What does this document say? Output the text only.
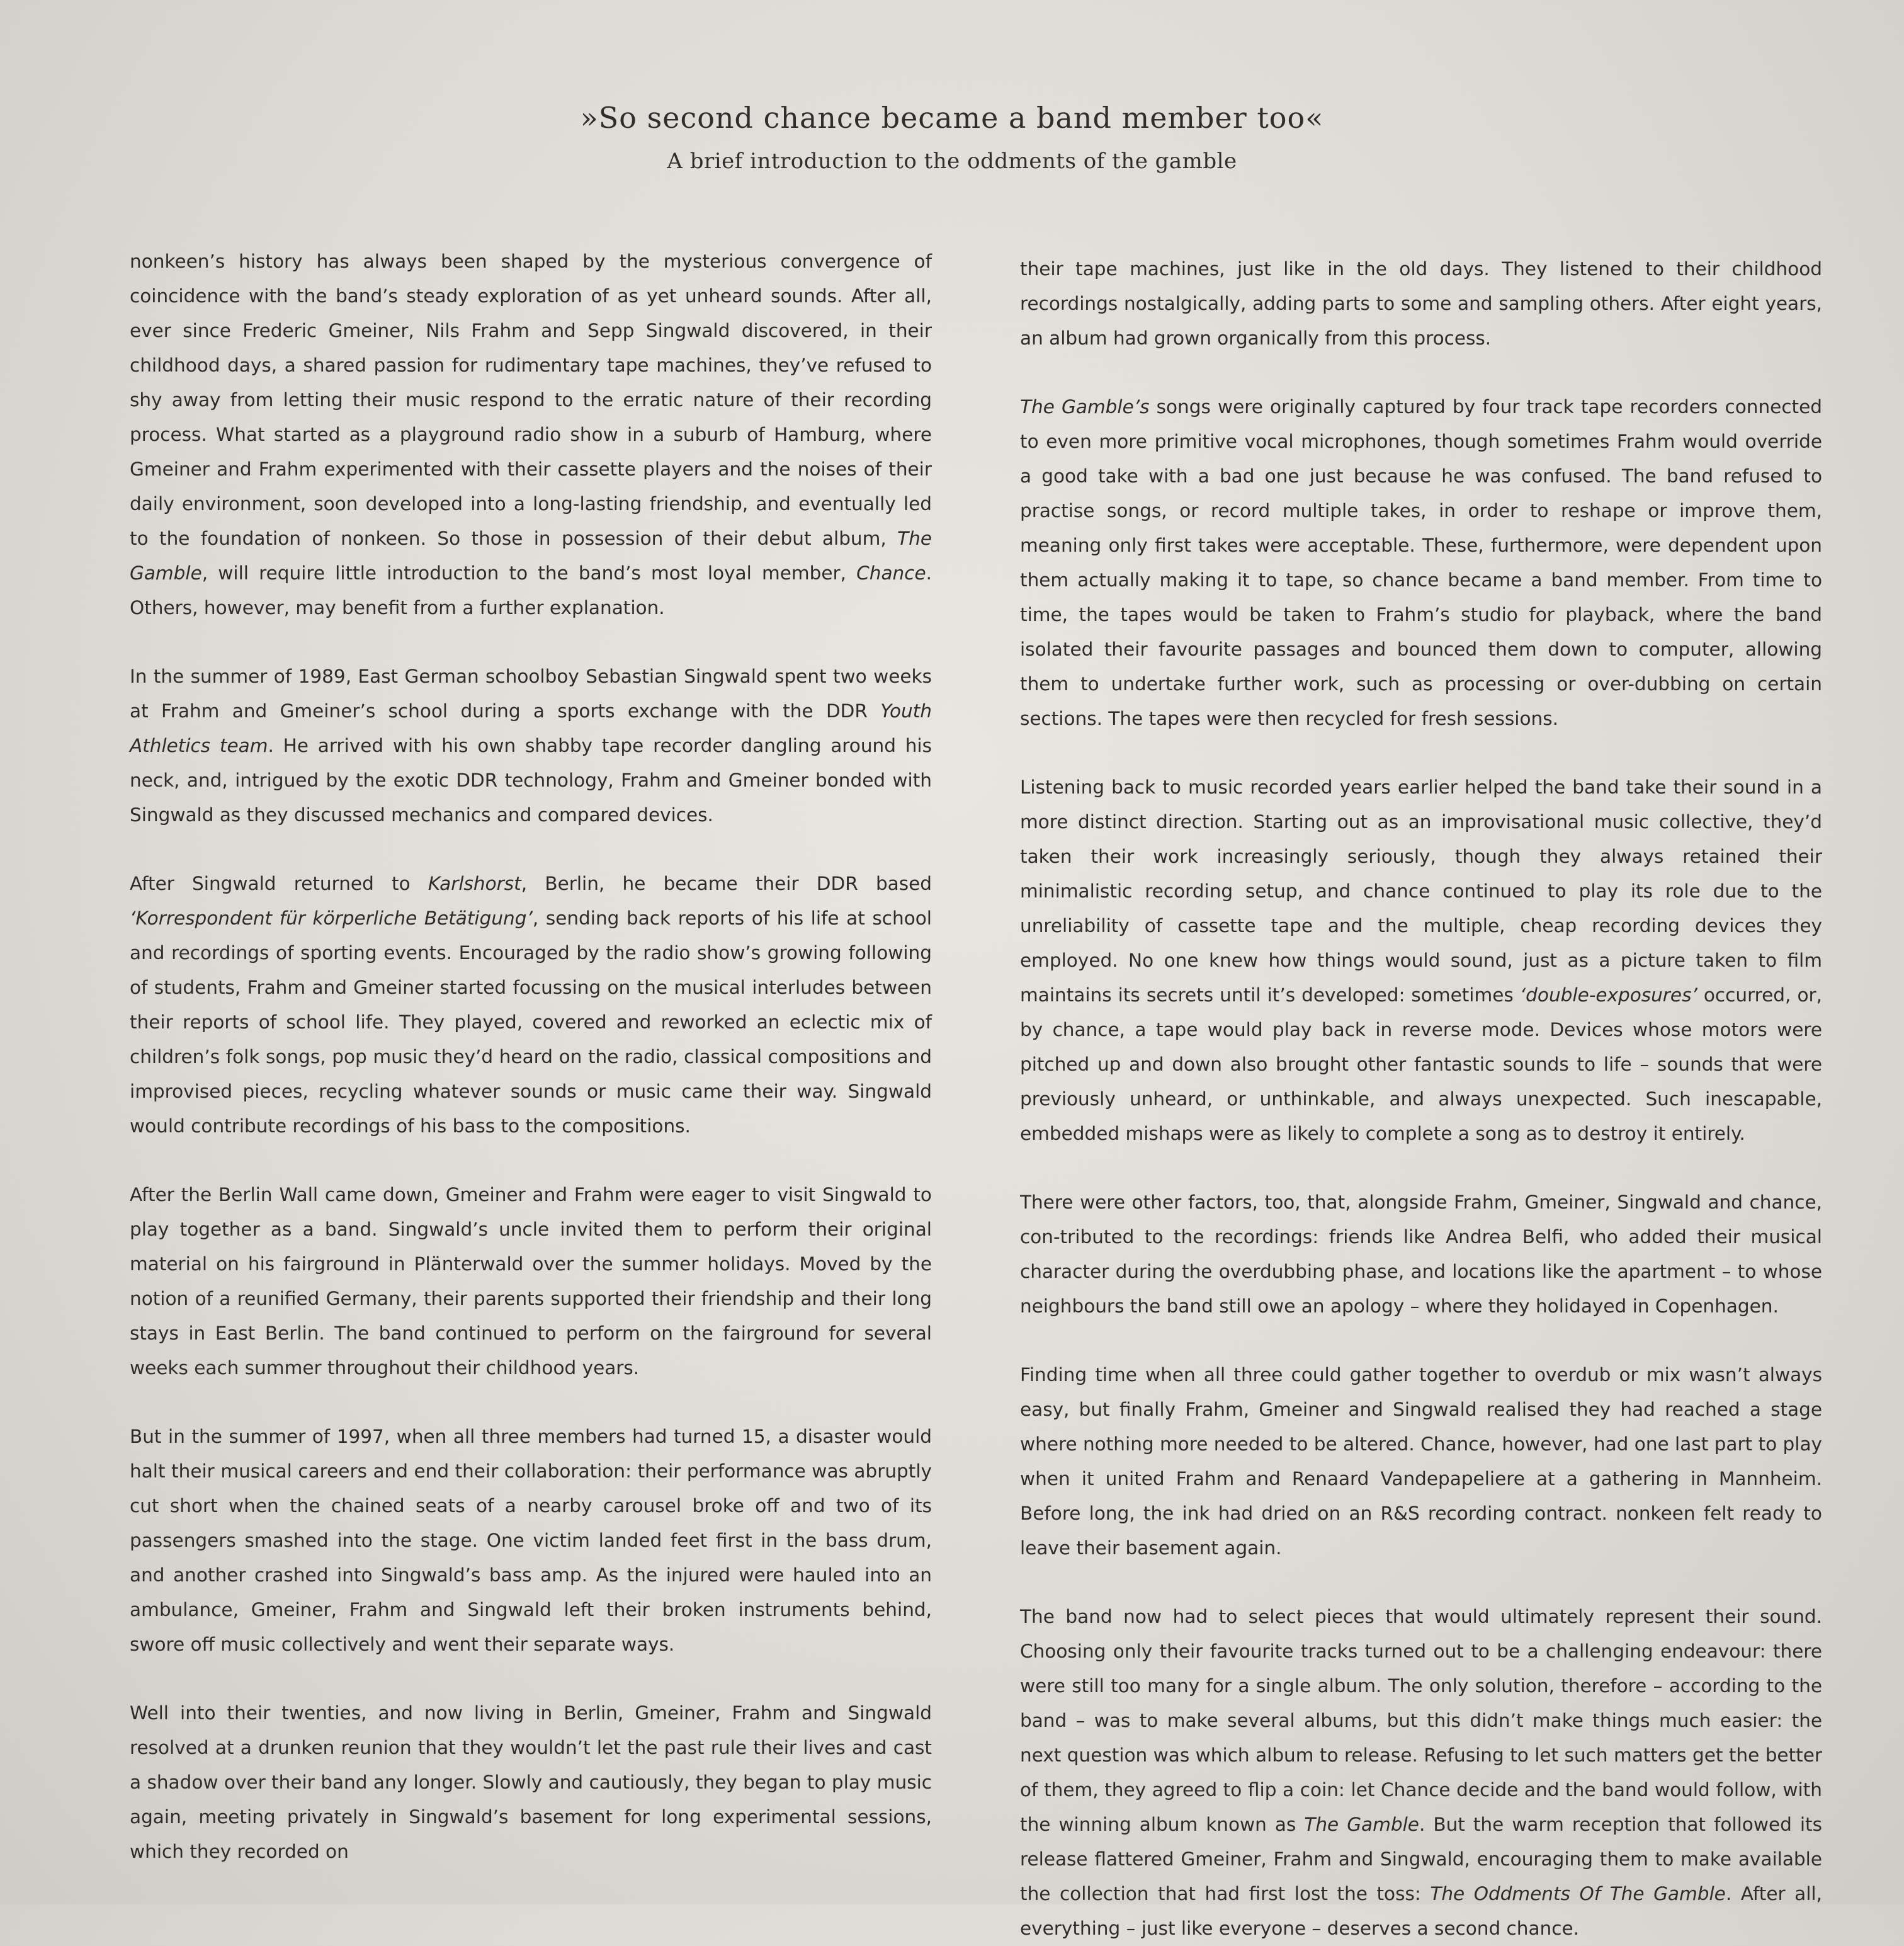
»So second chance became a band member too«
A brief introduction to the oddments of the gamble

nonkeen’s history has always been shaped by the mysterious convergence of coincidence with the band’s steady exploration of as yet unheard sounds. After all, ever since Frederic Gmeiner, Nils Frahm and Sepp Singwald discovered, in their childhood days, a shared passion for rudimentary tape machines, they’ve refused to shy away from letting their music respond to the erratic nature of their recording process. What started as a playground radio show in a suburb of Hamburg, where Gmeiner and Frahm experimented with their cassette players and the noises of their daily environment, soon developed into a long-lasting friendship, and eventually led to the foundation of nonkeen. So those in possession of their debut album, The Gamble, will require little introduction to the band’s most loyal member, Chance. Others, however, may benefit from a further explanation.

In the summer of 1989, East German schoolboy Sebastian Singwald spent two weeks at Frahm and Gmeiner’s school during a sports exchange with the DDR Youth Athletics team. He arrived with his own shabby tape recorder dangling around his neck, and, intrigued by the exotic DDR technology, Frahm and Gmeiner bonded with Singwald as they discussed mechanics and compared devices.

After Singwald returned to Karlshorst, Berlin, he became their DDR based ‘Korrespondent für körperliche Betätigung’, sending back reports of his life at school and recordings of sporting events. Encouraged by the radio show’s growing following of students, Frahm and Gmeiner started focussing on the musical interludes between their reports of school life. They played, covered and reworked an eclectic mix of children’s folk songs, pop music they’d heard on the radio, classical compositions and improvised pieces, recycling whatever sounds or music came their way. Singwald would contribute recordings of his bass to the compositions.

After the Berlin Wall came down, Gmeiner and Frahm were eager to visit Singwald to play together as a band. Singwald’s uncle invited them to perform their original material on his fairground in Plänterwald over the summer holidays. Moved by the notion of a reunified Germany, their parents supported their friendship and their long stays in East Berlin. The band continued to perform on the fairground for several weeks each summer throughout their childhood years.

But in the summer of 1997, when all three members had turned 15, a disaster would halt their musical careers and end their collaboration: their performance was abruptly cut short when the chained seats of a nearby carousel broke off and two of its passengers smashed into the stage. One victim landed feet first in the bass drum, and another crashed into Singwald’s bass amp. As the injured were hauled into an ambulance, Gmeiner, Frahm and Singwald left their broken instruments behind, swore off music collectively and went their separate ways.

Well into their twenties, and now living in Berlin, Gmeiner, Frahm and Singwald resolved at a drunken reunion that they wouldn’t let the past rule their lives and cast a shadow over their band any longer. Slowly and cautiously, they began to play music again, meeting privately in Singwald’s basement for long experimental sessions, which they recorded on

their tape machines, just like in the old days. They listened to their childhood recordings nostalgically, adding parts to some and sampling others. After eight years, an album had grown organically from this process.

The Gamble’s songs were originally captured by four track tape recorders connected to even more primitive vocal microphones, though sometimes Frahm would override a good take with a bad one just because he was confused. The band refused to practise songs, or record multiple takes, in order to reshape or improve them, meaning only first takes were acceptable. These, furthermore, were dependent upon them actually making it to tape, so chance became a band member. From time to time, the tapes would be taken to Frahm’s studio for playback, where the band isolated their favourite passages and bounced them down to computer, allowing them to undertake further work, such as processing or over-dubbing on certain sections. The tapes were then recycled for fresh sessions.

Listening back to music recorded years earlier helped the band take their sound in a more distinct direction. Starting out as an improvisational music collective, they’d taken their work increasingly seriously, though they always retained their minimalistic recording setup, and chance continued to play its role due to the unreliability of cassette tape and the multiple, cheap recording devices they employed. No one knew how things would sound, just as a picture taken to film maintains its secrets until it’s developed: sometimes ‘double-exposures’ occurred, or, by chance, a tape would play back in reverse mode. Devices whose motors were pitched up and down also brought other fantastic sounds to life – sounds that were previously unheard, or unthinkable, and always unexpected. Such inescapable, embedded mishaps were as likely to complete a song as to destroy it entirely.

There were other factors, too, that, alongside Frahm, Gmeiner, Singwald and chance, con-tributed to the recordings: friends like Andrea Belfi, who added their musical character during the overdubbing phase, and locations like the apartment – to whose neighbours the band still owe an apology – where they holidayed in Copenhagen.

Finding time when all three could gather together to overdub or mix wasn’t always easy, but finally Frahm, Gmeiner and Singwald realised they had reached a stage where nothing more needed to be altered. Chance, however, had one last part to play when it united Frahm and Renaard Vandepapeliere at a gathering in Mannheim. Before long, the ink had dried on an R&S recording contract. nonkeen felt ready to leave their basement again.

The band now had to select pieces that would ultimately represent their sound. Choosing only their favourite tracks turned out to be a challenging endeavour: there were still too many for a single album. The only solution, therefore – according to the band – was to make several albums, but this didn’t make things much easier: the next question was which album to release. Refusing to let such matters get the better of them, they agreed to flip a coin: let Chance decide and the band would follow, with the winning album known as The Gamble. But the warm reception that followed its release flattered Gmeiner, Frahm and Singwald, encouraging them to make available the collection that had first lost the toss: The Oddments Of The Gamble. After all, everything – just like everyone – deserves a second chance.
